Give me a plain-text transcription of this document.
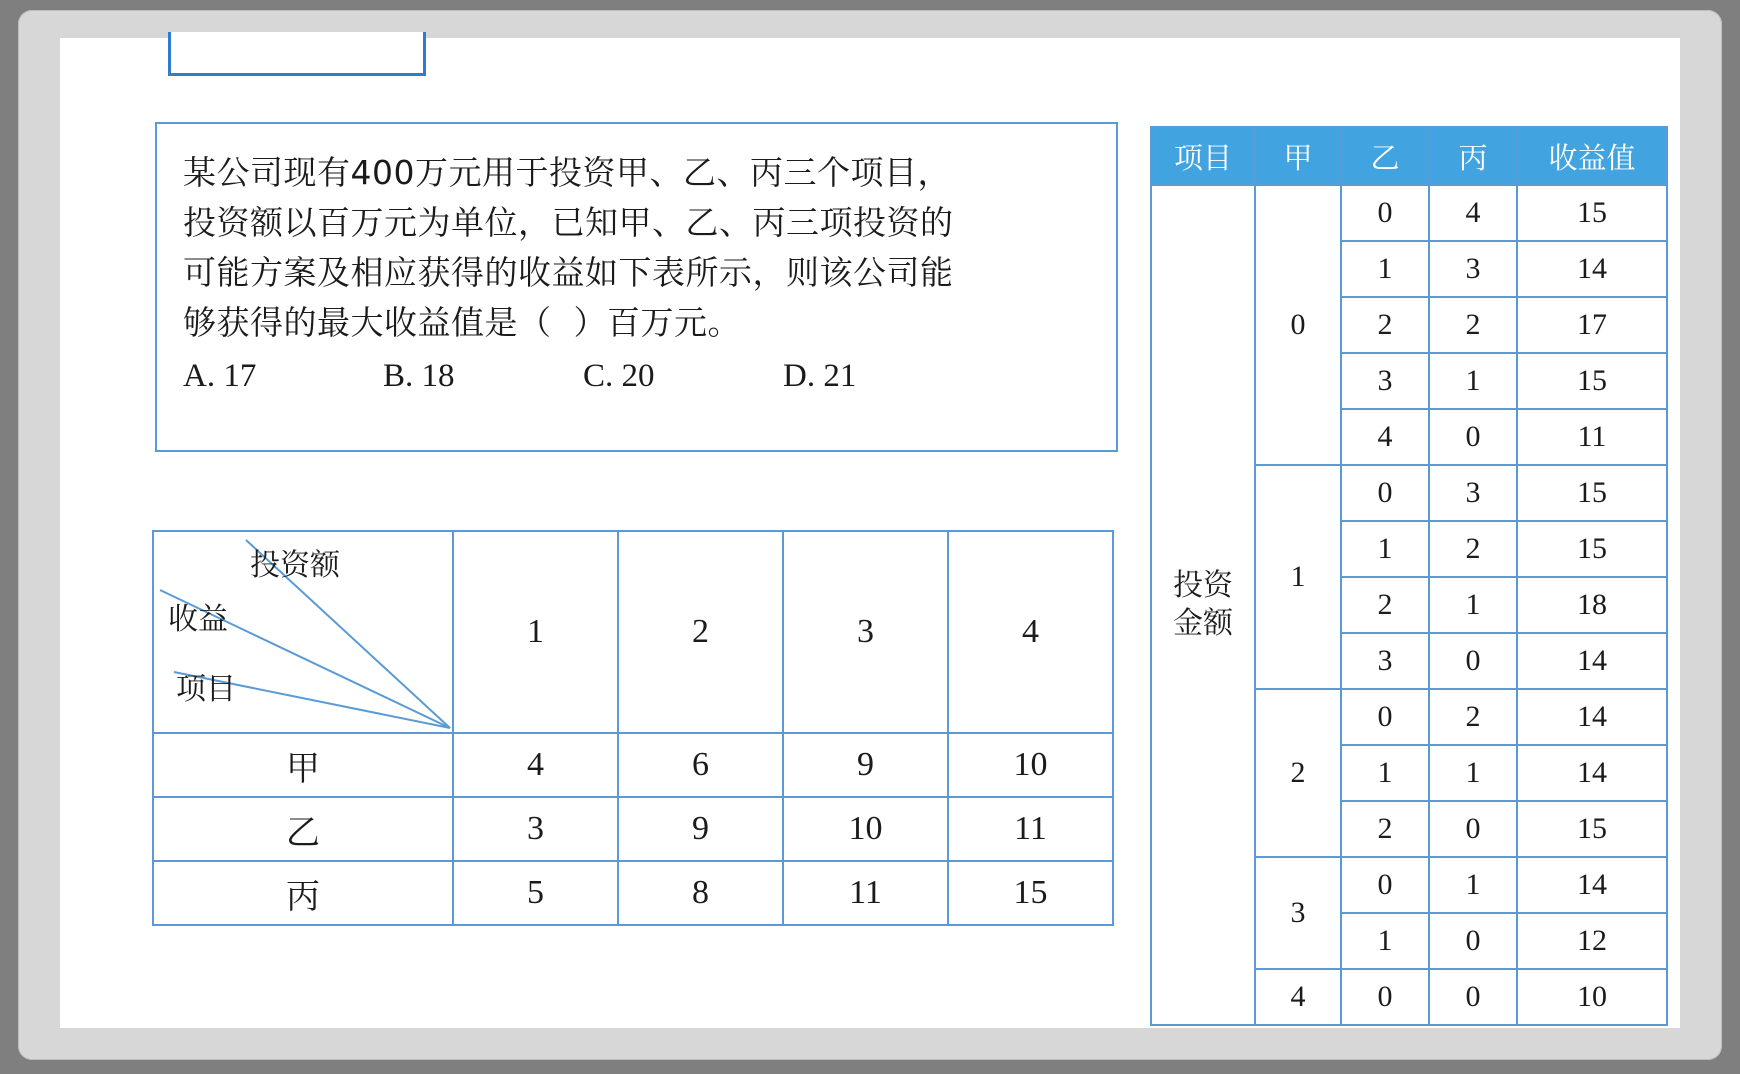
某公司现有400万元用于投资甲、乙、丙三个项目，
投资额以百万元为单位，已知甲、乙、丙三项投资的
可能方案及相应获得的收益如下表所示，则该公司能
够获得的最大收益值是（  ）百万元。
A. 17	B. 18	C. 20	D. 21
投资额
收益
项目	1	2	3	4
甲	4	6	9	10
乙	3	9	10	11
丙	5	8	11	15
项目	甲	乙	丙	收益值
投资
金额	0	0	4	15
		1	3	14
		2	2	17
		3	1	15
		4	0	11
	1	0	3	15
		1	2	15
		2	1	18
		3	0	14
	2	0	2	14
		1	1	14
		2	0	15
	3	0	1	14
		1	0	12
	4	0	0	10
